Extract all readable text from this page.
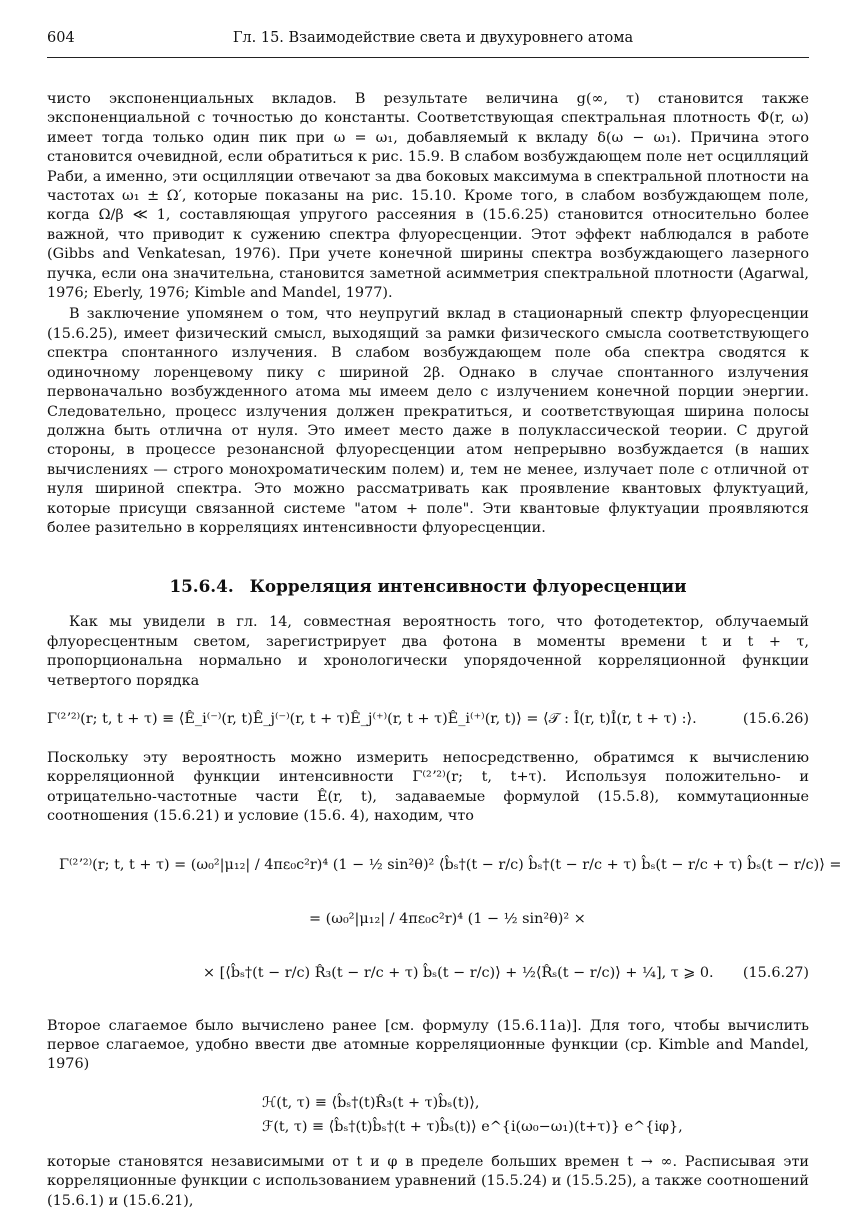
604	Гл. 15. Взаимодействие света и двухуровнего атома

чисто экспоненциальных вкладов. В результате величина g(∞, τ) становится также экспоненциальной с точностью до константы. Соответствующая спектральная плотность Φ(r, ω) имеет тогда только один пик при ω = ω₁, добавляемый к вкладу δ(ω − ω₁). Причина этого становится очевидной, если обратиться к рис. 15.9. В слабом возбуждающем поле нет осцилляций Раби, а именно, эти осцилляции отвечают за два боковых максимума в спектральной плотности на частотах ω₁ ± Ω′, которые показаны на рис. 15.10. Кроме того, в слабом возбуждающем поле, когда Ω/β ≪ 1, составляющая упругого рассеяния в (15.6.25) становится относительно более важной, что приводит к сужению спектра флуоресценции. Этот эффект наблюдался в работе (Gibbs and Venkatesan, 1976). При учете конечной ширины спектра возбуждающего лазерного пучка, если она значительна, становится заметной асимметрия спектральной плотности (Agarwal, 1976; Eberly, 1976; Kimble and Mandel, 1977).

В заключение упомянем о том, что неупругий вклад в стационарный спектр флуоресценции (15.6.25), имеет физический смысл, выходящий за рамки физического смысла соответствующего спектра спонтанного излучения. В слабом возбуждающем поле оба спектра сводятся к одиночному лоренцевому пику с шириной 2β. Однако в случае спонтанного излучения первоначально возбужденного атома мы имеем дело с излучением конечной порции энергии. Следовательно, процесс излучения должен прекратиться, и соответствующая ширина полосы должна быть отлична от нуля. Это имеет место даже в полуклассической теории. С другой стороны, в процессе резонансной флуоресценции атом непрерывно возбуждается (в наших вычислениях — строго монохроматическим полем) и, тем не менее, излучает поле с отличной от нуля шириной спектра. Это можно рассматривать как проявление квантовых флуктуаций, которые присущи связанной системе "атом + поле". Эти квантовые флуктуации проявляются более разительно в корреляциях интенсивности флуоресценции.

15.6.4. Корреляция интенсивности флуоресценции

Как мы увидели в гл. 14, совместная вероятность того, что фотодетектор, облучаемый флуоресцентным светом, зарегистрирует два фотона в моменты времени t и t + τ, пропорциональна нормально и хронологически упорядоченной корреляционной функции четвертого порядка

Γ⁽²ʼ²⁾(r; t, t + τ) ≡ ⟨Ê_i⁽⁻⁾(r, t)Ê_j⁽⁻⁾(r, t + τ)Ê_j⁽⁺⁾(r, t + τ)Ê_i⁽⁺⁾(r, t)⟩ = ⟨𝒯 : Î(r, t)Î(r, t + τ) :⟩.	(15.6.26)

Поскольку эту вероятность можно измерить непосредственно, обратимся к вычислению корреляционной функции интенсивности Γ⁽²ʼ²⁾(r; t, t+τ). Используя положительно- и отрицательно-частотные части Ê(r, t), задаваемые формулой (15.5.8), коммутационные соотношения (15.6.21) и условие (15.6. 4), находим, что

Γ⁽²ʼ²⁾(r; t, t + τ) = (ω₀²|μ₁₂| / 4πε₀c²r)⁴ (1 − ½ sin²θ)² ⟨b̂ₛ†(t − r/c) b̂ₛ†(t − r/c + τ) b̂ₛ(t − r/c + τ) b̂ₛ(t − r/c)⟩ =
= (ω₀²|μ₁₂| / 4πε₀c²r)⁴ (1 − ½ sin²θ)² ×
× [⟨b̂ₛ†(t − r/c) R̂₃(t − r/c + τ) b̂ₛ(t − r/c)⟩ + ½⟨R̂ₛ(t − r/c)⟩ + ¼], τ ⩾ 0. (15.6.27)

Второе слагаемое было вычислено ранее [см. формулу (15.6.11a)]. Для того, чтобы вычислить первое слагаемое, удобно ввести две атомные корреляционные функции (ср. Kimble and Mandel, 1976)

ℋ(t, τ) ≡ ⟨b̂ₛ†(t)R̂₃(t + τ)b̂ₛ(t)⟩,
ℱ(t, τ) ≡ ⟨b̂ₛ†(t)b̂ₛ†(t + τ)b̂ₛ(t)⟩ e^{i(ω₀−ω₁)(t+τ)} e^{iφ},

которые становятся независимыми от t и φ в пределе больших времен t → ∞. Расписывая эти корреляционные функции с использованием уравнений (15.5.24) и (15.5.25), а также соотношений (15.6.1) и (15.6.21),
